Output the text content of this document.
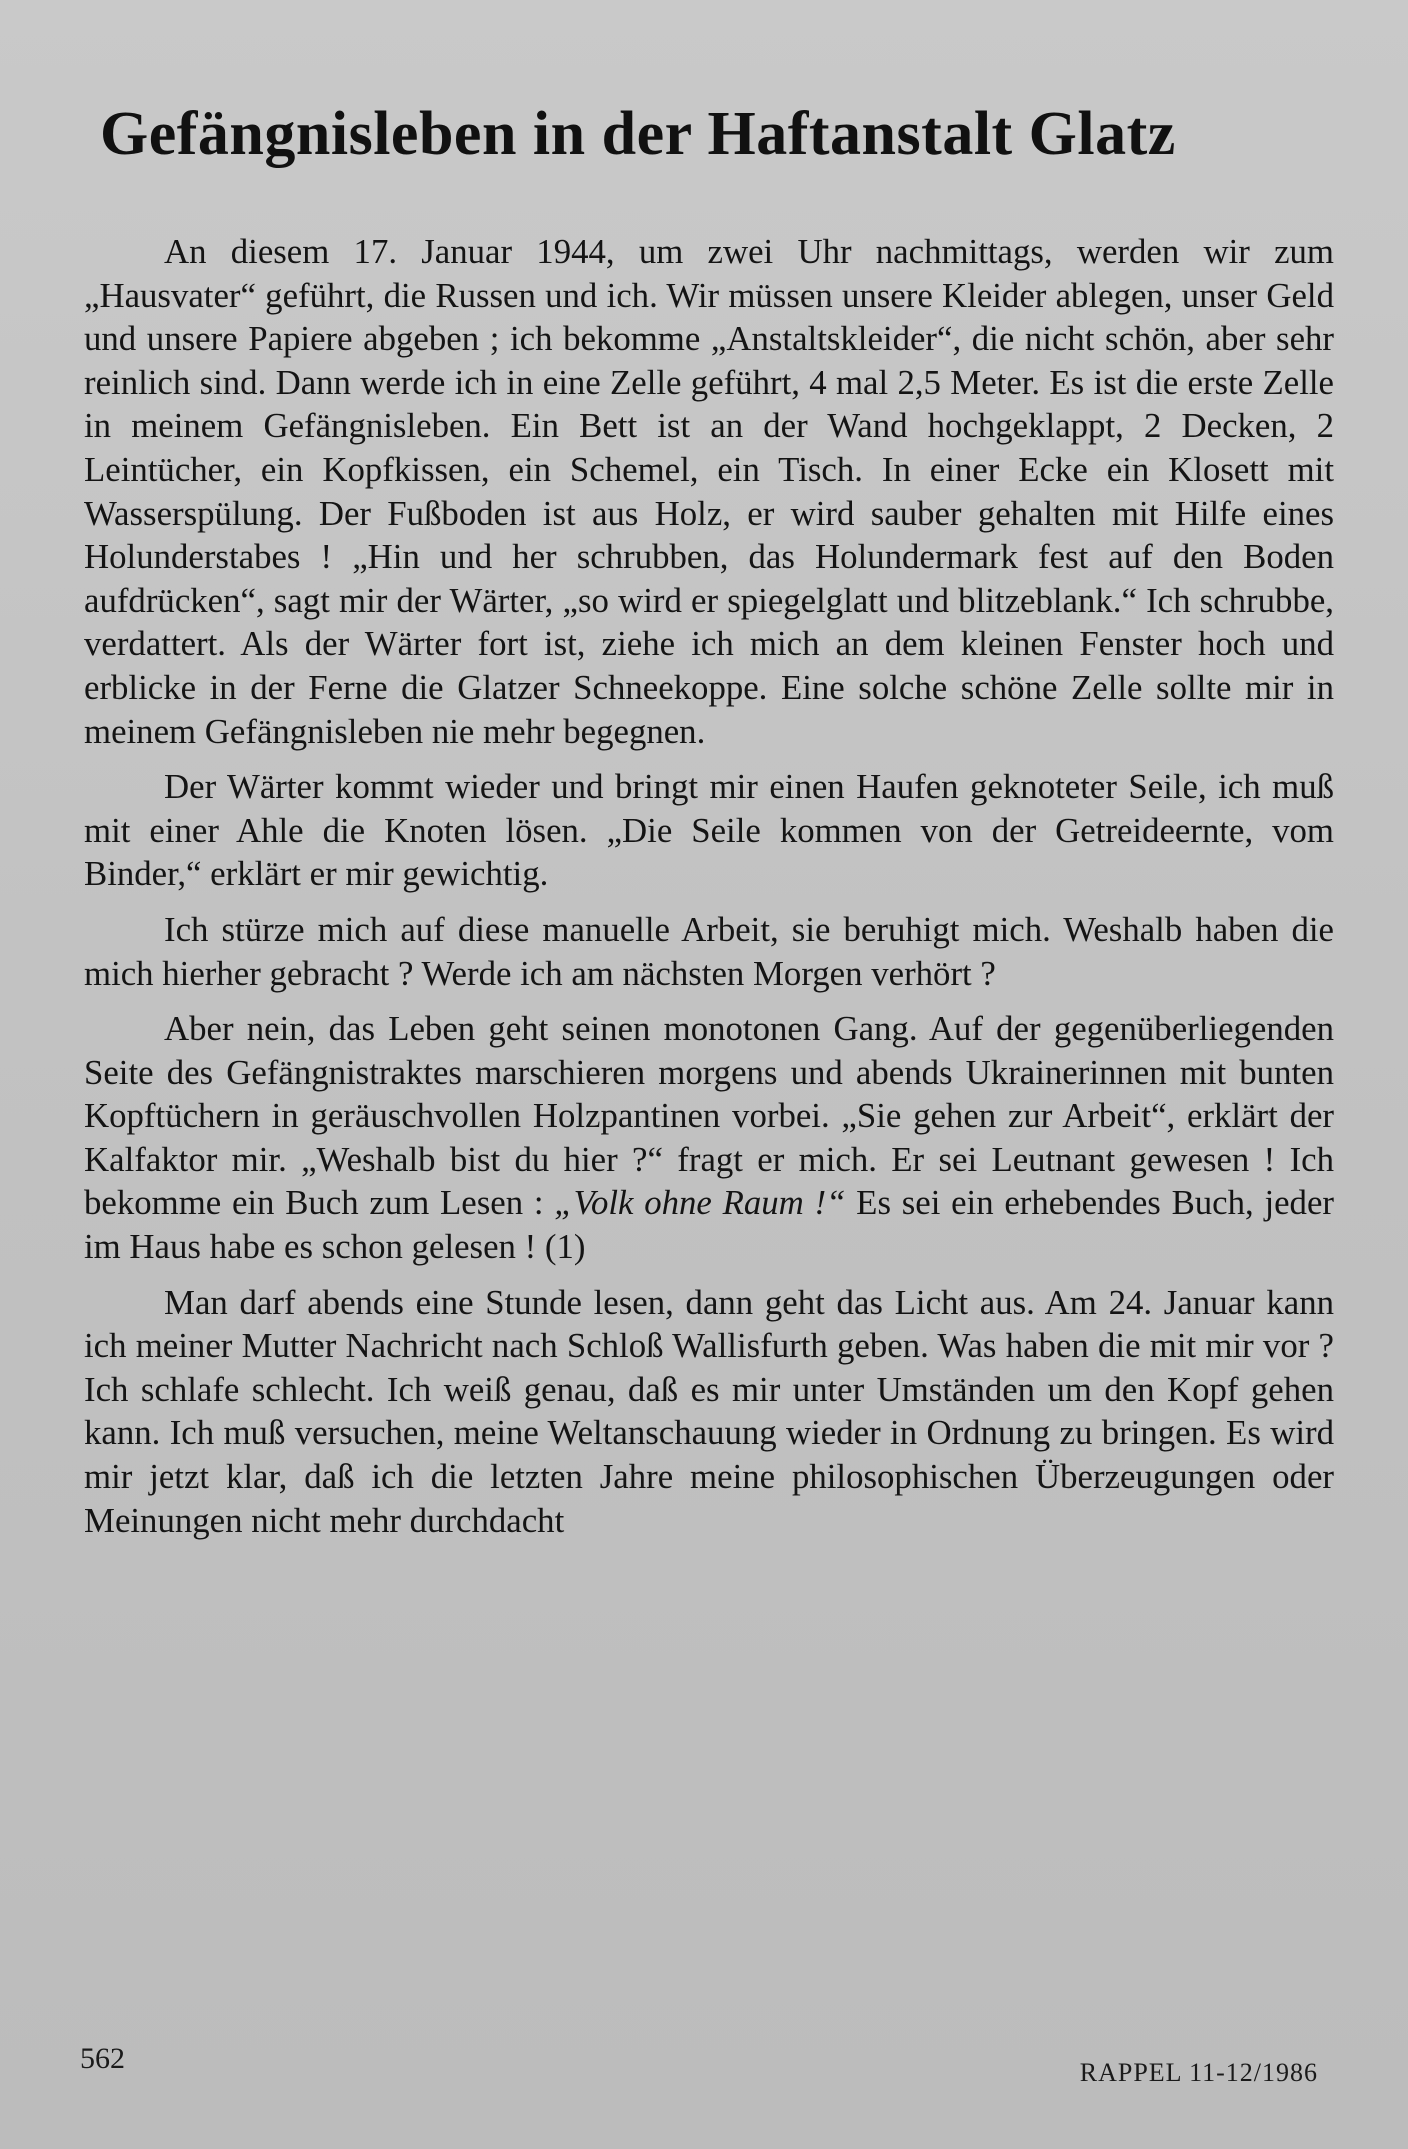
Gefängnisleben in der Haftanstalt Glatz

An diesem 17. Januar 1944, um zwei Uhr nachmittags, werden wir zum „Hausvater“ geführt, die Russen und ich. Wir müssen unsere Kleider ablegen, unser Geld und unsere Papiere abgeben ; ich bekomme „Anstaltskleider“, die nicht schön, aber sehr reinlich sind. Dann werde ich in eine Zelle geführt, 4 mal 2,5 Meter. Es ist die erste Zelle in meinem Gefängnisleben. Ein Bett ist an der Wand hochgeklappt, 2 Decken, 2 Leintücher, ein Kopfkissen, ein Schemel, ein Tisch. In einer Ecke ein Klosett mit Wasserspülung. Der Fußboden ist aus Holz, er wird sauber gehalten mit Hilfe eines Holunderstabes ! „Hin und her schrubben, das Holundermark fest auf den Boden aufdrücken“, sagt mir der Wärter, „so wird er spiegelglatt und blitzeblank.“ Ich schrubbe, verdattert. Als der Wärter fort ist, ziehe ich mich an dem kleinen Fenster hoch und erblicke in der Ferne die Glatzer Schneekoppe. Eine solche schöne Zelle sollte mir in meinem Gefängnisleben nie mehr begegnen.

Der Wärter kommt wieder und bringt mir einen Haufen geknoteter Seile, ich muß mit einer Ahle die Knoten lösen. „Die Seile kommen von der Getreideernte, vom Binder,“ erklärt er mir gewichtig.

Ich stürze mich auf diese manuelle Arbeit, sie beruhigt mich. Weshalb haben die mich hierher gebracht ? Werde ich am nächsten Morgen verhört ?

Aber nein, das Leben geht seinen monotonen Gang. Auf der gegenüberliegenden Seite des Gefängnistraktes marschieren morgens und abends Ukrainerinnen mit bunten Kopftüchern in geräuschvollen Holzpantinen vorbei. „Sie gehen zur Arbeit“, erklärt der Kalfaktor mir. „Weshalb bist du hier ?“ fragt er mich. Er sei Leutnant gewesen ! Ich bekomme ein Buch zum Lesen : „Volk ohne Raum !“ Es sei ein erhebendes Buch, jeder im Haus habe es schon gelesen ! (1)

Man darf abends eine Stunde lesen, dann geht das Licht aus. Am 24. Januar kann ich meiner Mutter Nachricht nach Schloß Wallisfurth geben. Was haben die mit mir vor ? Ich schlafe schlecht. Ich weiß genau, daß es mir unter Umständen um den Kopf gehen kann. Ich muß versuchen, meine Weltanschauung wieder in Ordnung zu bringen. Es wird mir jetzt klar, daß ich die letzten Jahre meine philosophischen Überzeugungen oder Meinungen nicht mehr durchdacht

562	RAPPEL 11-12/1986
